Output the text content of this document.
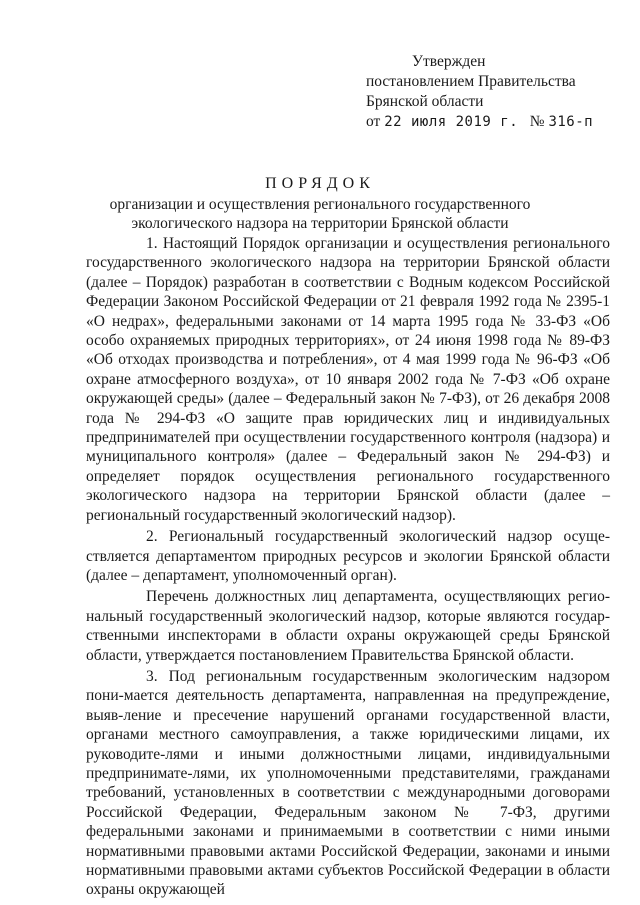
Утвержден
постановлением Правительства
Брянской области
от 22 июля 2019 г. № 316-п
ПОРЯДОК
организации и осуществления регионального государственного экологического надзора на территории Брянской области

1. Настоящий Порядок организации и осуществления регионального государственного экологического надзора на территории Брянской области (далее – Порядок) разработан в соответствии с Водным кодексом Российской Федерации Законом Российской Федерации от 21 февраля 1992 года № 2395-1 «О недрах», федеральными законами от 14 марта 1995 года № 33-ФЗ «Об особо охраняемых природных территориях», от 24 июня 1998 года № 89-ФЗ «Об отходах производства и потребления», от 4 мая 1999 года № 96-ФЗ «Об охране атмосферного воздуха», от 10 января 2002 года № 7-ФЗ «Об охране окружающей среды» (далее – Федеральный закон № 7-ФЗ), от 26 декабря 2008 года № 294-ФЗ «О защите прав юридических лиц и индивидуальных предпринимателей при осуществлении государственного контроля (надзора) и муниципального контроля» (далее – Федеральный закон № 294-ФЗ) и определяет порядок осуществления регионального государственного экологического надзора на территории Брянской области (далее – региональный государственный экологический надзор).

2. Региональный государственный экологический надзор осуще-ствляется департаментом природных ресурсов и экологии Брянской области (далее – департамент, уполномоченный орган).

Перечень должностных лиц департамента, осуществляющих регио-нальный государственный экологический надзор, которые являются государ-ственными инспекторами в области охраны окружающей среды Брянской области, утверждается постановлением Правительства Брянской области.

3. Под региональным государственным экологическим надзором пони-мается деятельность департамента, направленная на предупреждение, выяв-ление и пресечение нарушений органами государственной власти, органами местного самоуправления, а также юридическими лицами, их руководите-лями и иными должностными лицами, индивидуальными предпринимате-лями, их уполномоченными представителями, гражданами требований, установленных в соответствии с международными договорами Российской Федерации, Федеральным законом № 7-ФЗ, другими федеральными законами и принимаемыми в соответствии с ними иными нормативными правовыми актами Российской Федерации, законами и иными нормативными правовыми актами субъектов Российской Федерации в области охраны окружающей
